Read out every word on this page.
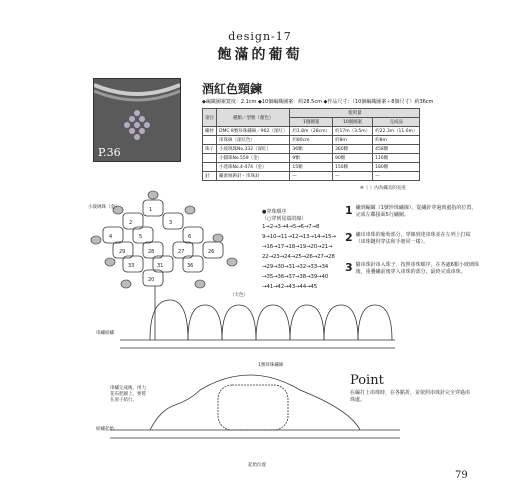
design-17
飽滿的葡萄
P.36
酒紅色頸鍊
◆編織圖案寬度：2.1cm ◆10個編織圖案：約28.5cm ◆作品尺寸：（10個編織圖案＋8個尺寸）約36cm
項目	種類／型號（顏色）	使用量		
		1個圖案	10個圖案	完成品
繡材	DMC 8號珍珠繡線／902（深紅）	約1.8m（28cm）	約17m（3.5m）	約22.3m（11.6m）
	串珠線（深紅色）	約80cm	約8m	約8m
珠子	小玻璃珠No.332（深紅）	36顆	360顆	458顆
	小圓珠No.559（金）	9顆	90顆	116顆
	小達珠No.4-474（金）	15顆	150顆	180顆
針	繡蕾絲鉤針・串珠針	—	—	—
※（ ）內為繡具的長度
1
2	3
4	5	6
29	28	27	26
33	31	36
20
小玻璃珠（金）
（天色）
串繡結繡
1號珍珠繡線
串繡完成後，用力
花布把圖上，要將
在原子結行。
起始位置
結繡起始
●穿珠順序
（○穿到尾端的線）
1→2→3→4→5→6→7→8
9→10→11→12→13→14→15→
→16→17→18→19→20→21→
22→23→24→25→26→27→28
→29→30→31→32→33→34
→35→36→37→38→39→40
→41→42→43→44→45
1 繡到編織（1號珍珠繡線），從繡針穿過到處指的位置，完成左鄰接面5行繡圖。
2 繡出串珠的葡萄部分，穿線到達串珠並在左列上打結（串珠鏈材穿法和手冊同一樣）。
3 隨串珠針串入珠子，按照串珠順序，在各處6顆小玻璃珠後，重疊繡前後穿入串珠的部分，最終完成串珠。
Point
在編打上串珠時，在各點折，並依照串珠針完全穿過串珠處。
79
